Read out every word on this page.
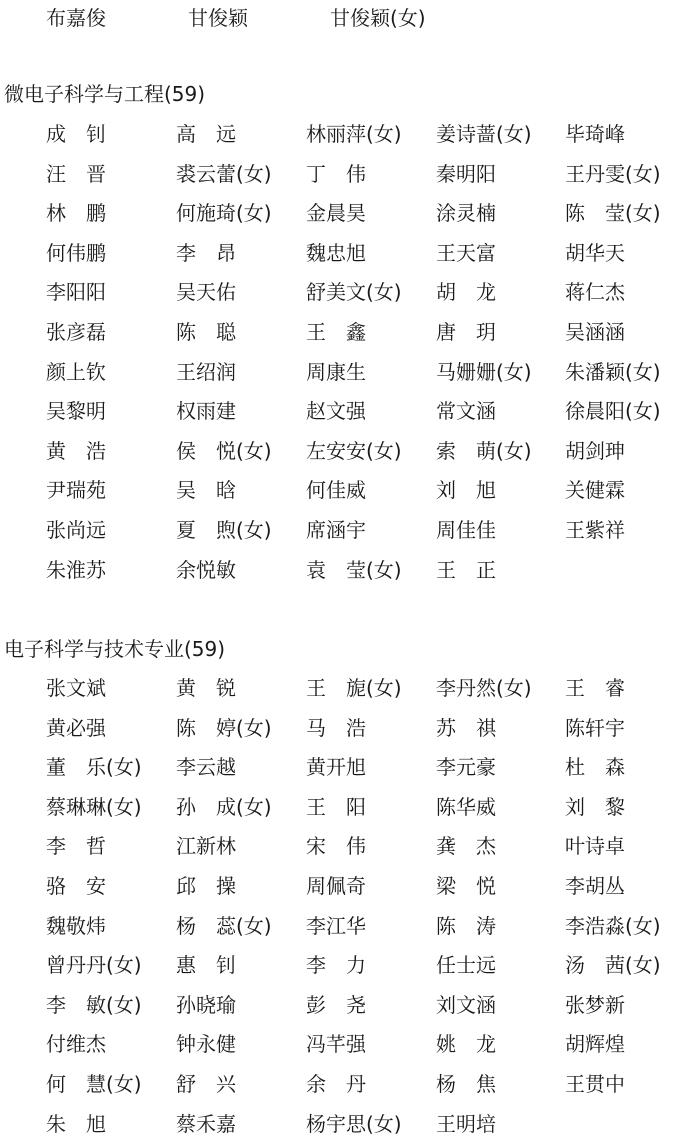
布嘉俊	甘俊颖	甘俊颖(女)
微电子科学与工程(59)
成　钊	高　远	林丽萍(女) 姜诗蔷(女) 毕琦峰
汪　晋	裘云蕾(女) 丁　伟	秦明阳	王丹雯(女)
林　鹏	何施琦(女) 金晨昊	涂灵楠	陈　莹(女)
何伟鹏	李　昂	魏忠旭	王天富	胡华天
李阳阳	吴天佑	舒美文(女) 胡　龙	蒋仁杰
张彦磊	陈　聪	王　鑫	唐　玥	吴涵涵
颜上钦	王绍润	周康生	马姗姗(女) 朱潘颖(女)
吴黎明	权雨建	赵文强	常文涵	徐晨阳(女)
黄　浩	侯　悦(女) 左安安(女) 索　萌(女) 胡剑珅
尹瑞苑	吴　晗	何佳威	刘　旭	关健霖
张尚远	夏　煦(女) 席涵宇	周佳佳	王紫祥
朱淮苏	余悦敏	袁　莹(女) 王　正
电子科学与技术专业(59)
张文斌	黄　锐	王　旎(女) 李丹然(女) 王　睿
黄必强	陈　婷(女) 马　浩	苏　祺	陈轩宇
董　乐(女) 李云越	黄开旭	李元豪	杜　森
蔡琳琳(女) 孙　成(女) 王　阳	陈华威	刘　黎
李　哲	江新林	宋　伟	龚　杰	叶诗卓
骆　安	邱　操	周佩奇	梁　悦	李胡丛
魏敬炜	杨　蕊(女) 李江华	陈　涛	李浩淼(女)
曾丹丹(女) 惠　钊	李　力	任士远	汤　茜(女)
李　敏(女) 孙晓瑜	彭　尧	刘文涵	张梦新
付维杰	钟永健	冯芊强	姚　龙	胡辉煌
何　慧(女) 舒　兴	余　丹	杨　焦	王贯中
朱　旭	蔡禾嘉	杨宇思(女) 王明培
